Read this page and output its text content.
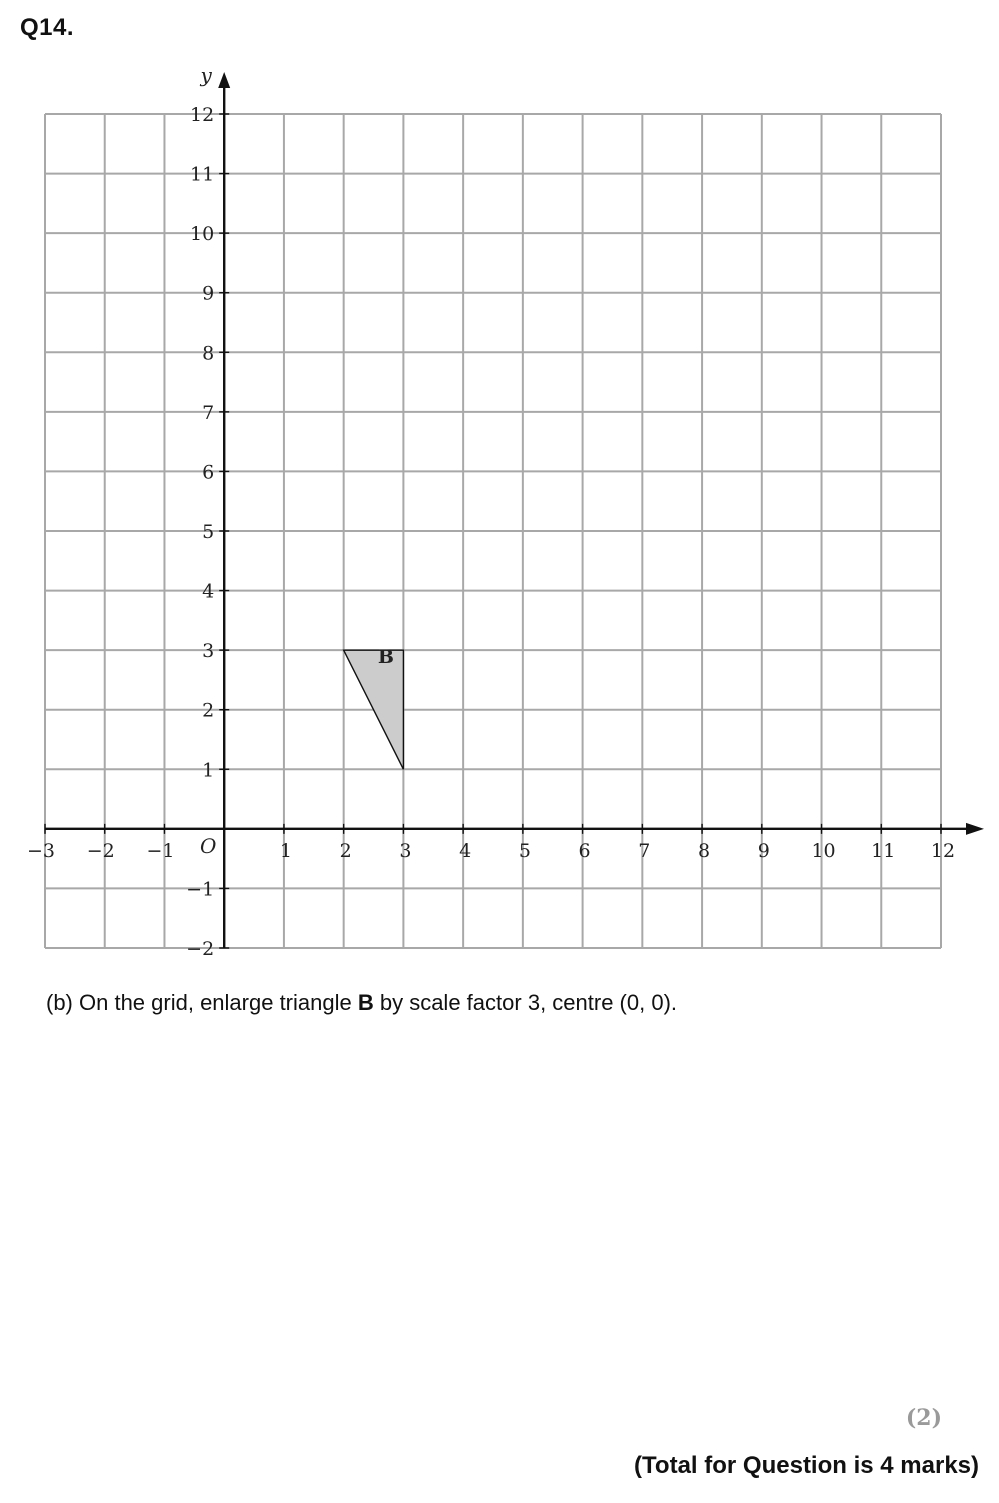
Q14.
B
−3 −2 −1	1	2	3	4	5	6	7	8	9 10 11 12
−2
−1
1
2
3
4
5
6
7
8
9
10
11
12
O
y
(b) On the grid, enlarge triangle B by scale factor 3, centre (0, 0).
(2)
(Total for Question is 4 marks)
